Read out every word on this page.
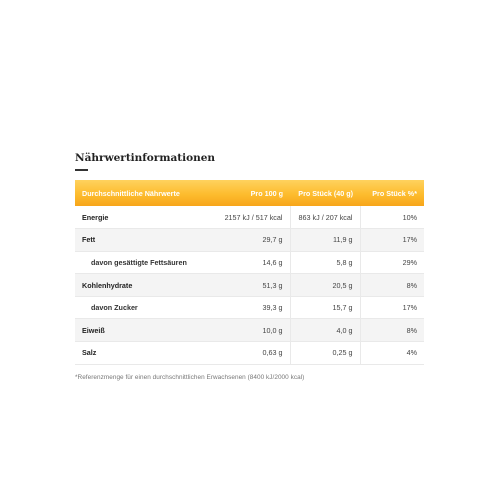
Nährwertinformationen
Durchschnittliche Nährwerte	Pro 100 g	Pro Stück (40 g)	Pro Stück %*
Energie	2157 kJ / 517 kcal	863 kJ / 207 kcal	10%
Fett	29,7 g	11,9 g	17%
davon gesättigte Fettsäuren	14,6 g	5,8 g	29%
Kohlenhydrate	51,3 g	20,5 g	8%
davon Zucker	39,3 g	15,7 g	17%
Eiweiß	10,0 g	4,0 g	8%
Salz	0,63 g	0,25 g	4%
*Referenzmenge für einen durchschnittlichen Erwachsenen (8400 kJ/2000 kcal)
